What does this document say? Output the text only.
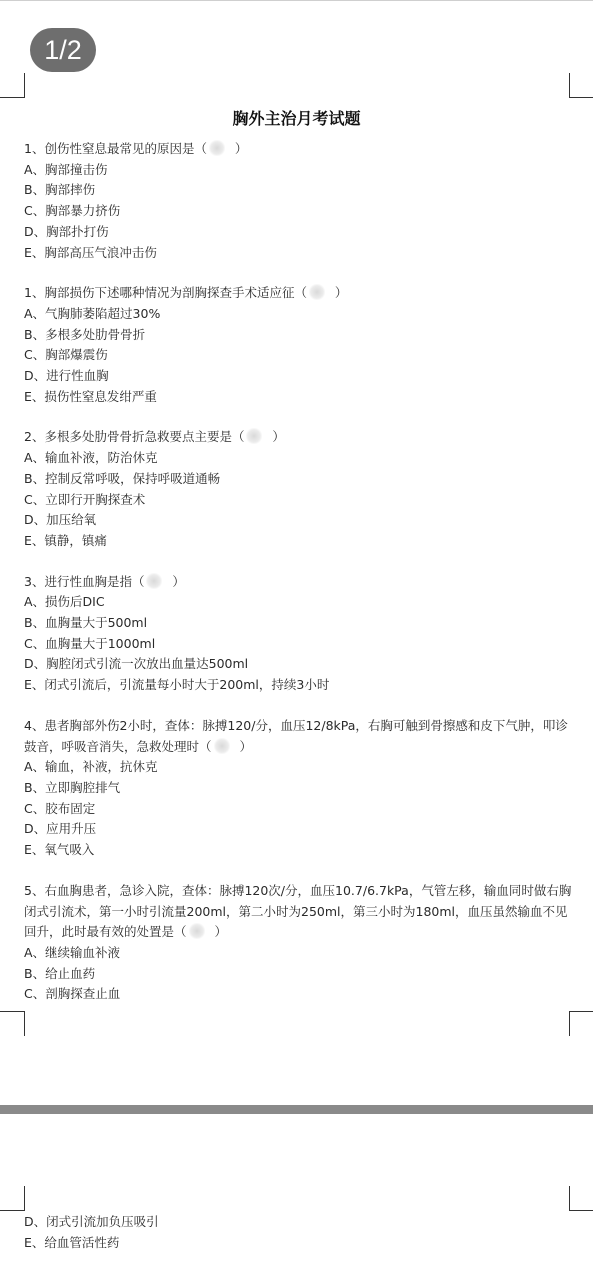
1/2
胸外主治月考试题
1、创伤性窒息最常见的原因是（ ）
A、胸部撞击伤
B、胸部摔伤
C、胸部暴力挤伤
D、胸部扑打伤
E、胸部高压气浪冲击伤
1、胸部损伤下述哪种情况为剖胸探查手术适应征（ ）
A、气胸肺萎陷超过30%
B、多根多处肋骨骨折
C、胸部爆震伤
D、进行性血胸
E、损伤性窒息发绀严重
2、多根多处肋骨骨折急救要点主要是（ ）
A、输血补液，防治休克
B、控制反常呼吸，保持呼吸道通畅
C、立即行开胸探查术
D、加压给氧
E、镇静，镇痛
3、进行性血胸是指（ ）
A、损伤后DIC
B、血胸量大于500ml
C、血胸量大于1000ml
D、胸腔闭式引流一次放出血量达500ml
E、闭式引流后，引流量每小时大于200ml，持续3小时
4、患者胸部外伤2小时，查体：脉搏120/分，血压12/8kPa，右胸可触到骨擦感和皮下气肿，叩诊鼓音，呼吸音消失，急救处理时（ ）
A、输血，补液，抗休克
B、立即胸腔排气
C、胶布固定
D、应用升压
E、氧气吸入
5、右血胸患者，急诊入院，查体：脉搏120次/分，血压10.7/6.7kPa，气管左移，输血同时做右胸闭式引流术，第一小时引流量200ml，第二小时为250ml，第三小时为180ml，血压虽然输血不见回升，此时最有效的处置是（ ）
A、继续输血补液
B、给止血药
C、剖胸探查止血
D、闭式引流加负压吸引
E、给血管活性药
